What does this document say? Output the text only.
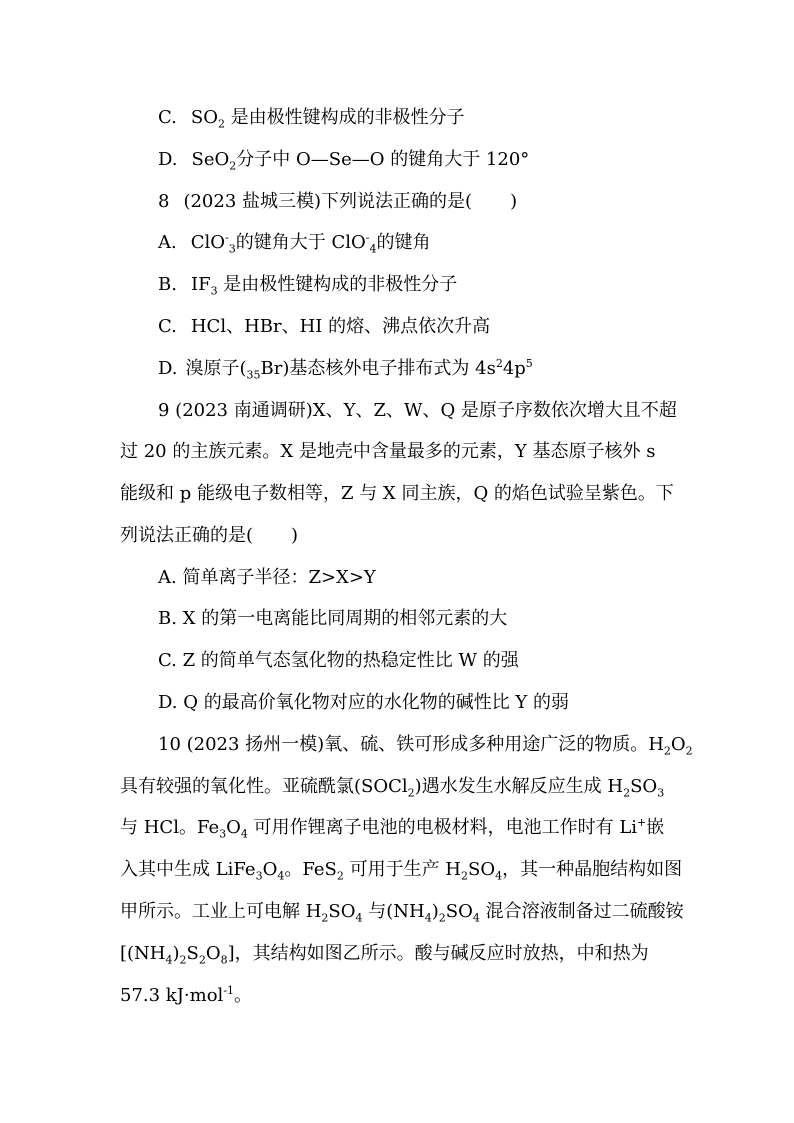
C. $SO_2$ 是由极性键构成的非极性分子
D. SeO$_2$分子中 O—Se—O 的键角大于 120°
8 (2023 盐城三模)下列说法正确的是( )
A. ClO-$_3$的键角大于 ClO-$_4$的键角
B. $IF_3$ 是由极性键构成的非极性分子
C. HCl、HBr、HI 的熔、沸点依次升高
D. 溴原子$(_{35}Br)$基态核外电子排布式为 $4s^24p^5$
9 (2023 南通调研)X、Y、Z、W、Q 是原子序数依次增大且不超
过 20 的主族元素。X 是地壳中含量最多的元素，Y 基态原子核外 s
能级和 p 能级电子数相等，Z 与 X 同主族，Q 的焰色试验呈紫色。下
列说法正确的是( )
A. 简单离子半径：Z>X>Y
B. X 的第一电离能比同周期的相邻元素的大
C. Z 的简单气态氢化物的热稳定性比 W 的强
D. Q 的最高价氧化物对应的水化物的碱性比 Y 的弱
10 (2023 扬州一模)氧、硫、铁可形成多种用途广泛的物质。$H_2O_2$
具有较强的氧化性。亚硫酰氯(SOCl$_2$)遇水发生水解反应生成 $H_2SO_3$
与 HCl。$Fe_3O_4$ 可用作锂离子电池的电极材料，电池工作时有 Li+嵌
入其中生成 $LiFe_3O_4$。FeS$_2$ 可用于生产 $H_2SO_4$，其一种晶胞结构如图
甲所示。工业上可电解 $H_2SO_4$ 与$(NH_4)_2SO_4$ 混合溶液制备过二硫酸铵
$[(NH_4)_2S_2O_8]$，其结构如图乙所示。酸与碱反应时放热，中和热为
57.3 kJ·mol$^{-1}$。
